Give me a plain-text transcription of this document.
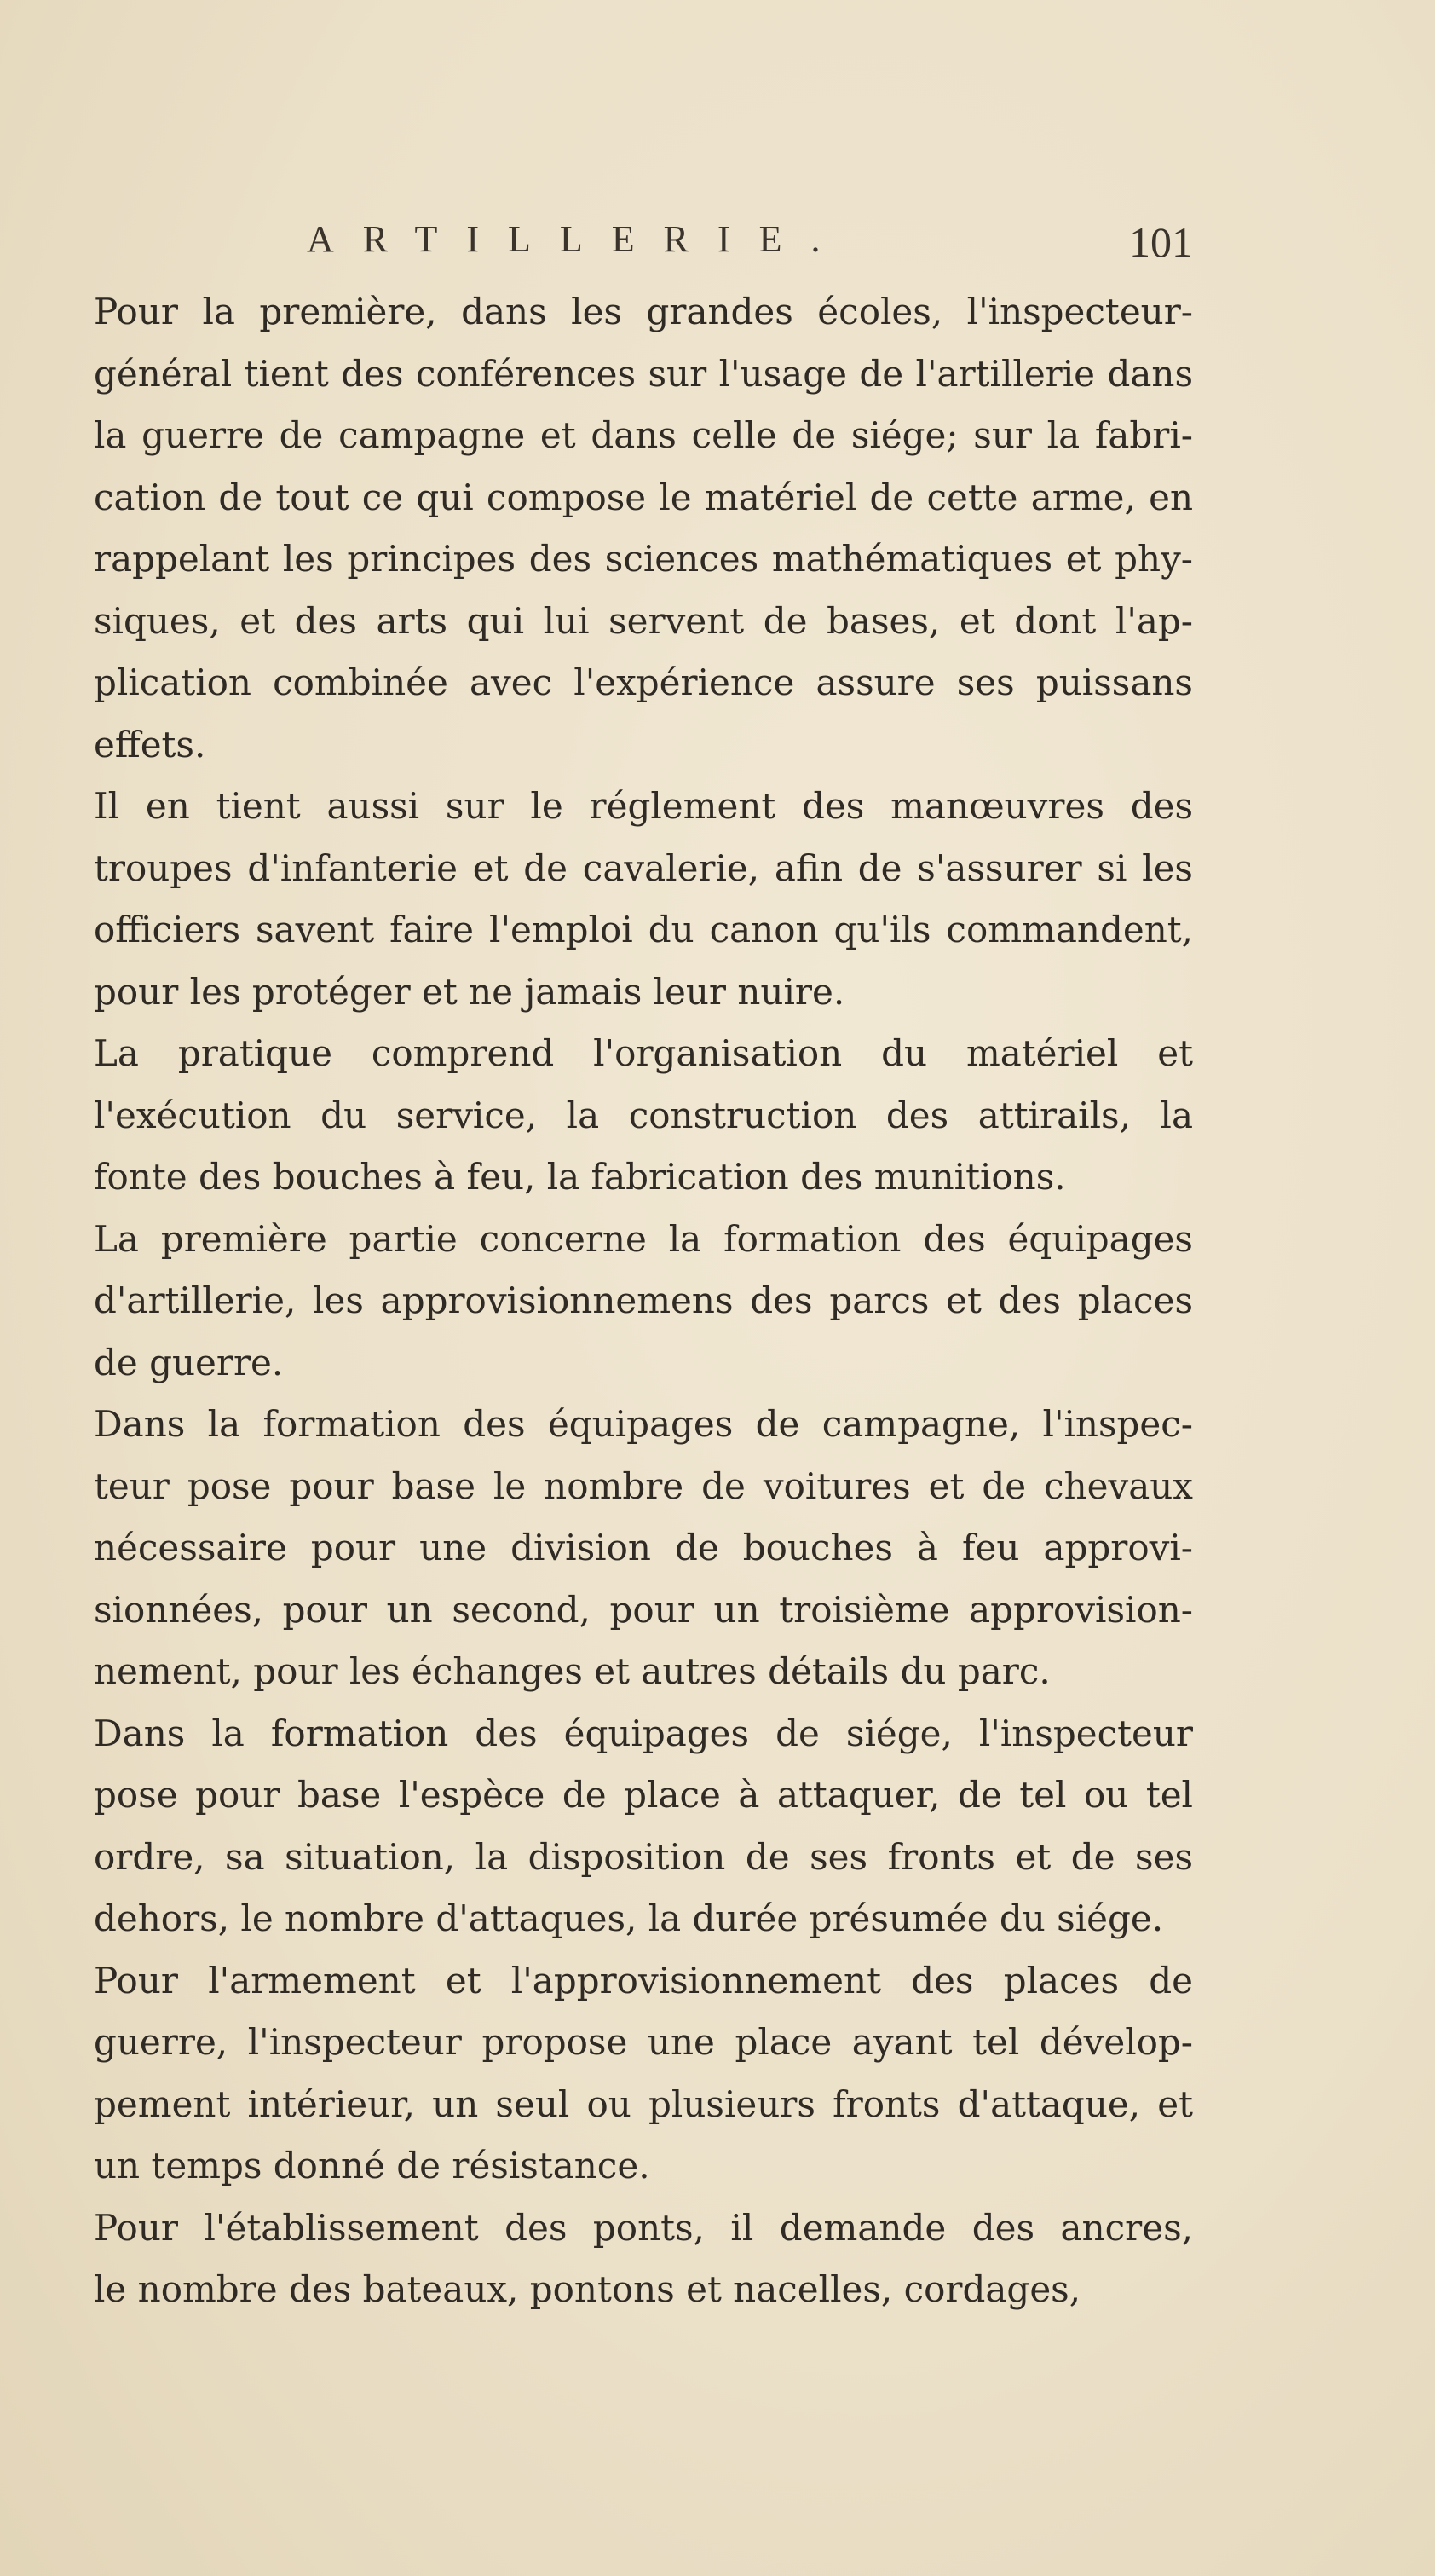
ARTILLERIE.	101

Pour la première, dans les grandes écoles, l'inspecteur-
général tient des conférences sur l'usage de l'artillerie dans
la guerre de campagne et dans celle de siége; sur la fabri-
cation de tout ce qui compose le matériel de cette arme, en
rappelant les principes des sciences mathématiques et phy-
siques, et des arts qui lui servent de bases, et dont l'ap-
plication combinée avec l'expérience assure ses puissans
effets.

Il en tient aussi sur le réglement des manœuvres des
troupes d'infanterie et de cavalerie, afin de s'assurer si les
officiers savent faire l'emploi du canon qu'ils commandent,
pour les protéger et ne jamais leur nuire.

La pratique comprend l'organisation du matériel et
l'exécution du service, la construction des attirails, la
fonte des bouches à feu, la fabrication des munitions.

La première partie concerne la formation des équipages
d'artillerie, les approvisionnemens des parcs et des places
de guerre.

Dans la formation des équipages de campagne, l'inspec-
teur pose pour base le nombre de voitures et de chevaux
nécessaire pour une division de bouches à feu approvi-
sionnées, pour un second, pour un troisième approvision-
nement, pour les échanges et autres détails du parc.

Dans la formation des équipages de siége, l'inspecteur
pose pour base l'espèce de place à attaquer, de tel ou tel
ordre, sa situation, la disposition de ses fronts et de ses
dehors, le nombre d'attaques, la durée présumée du siége.

Pour l'armement et l'approvisionnement des places de
guerre, l'inspecteur propose une place ayant tel dévelop-
pement intérieur, un seul ou plusieurs fronts d'attaque, et
un temps donné de résistance.

Pour l'établissement des ponts, il demande des ancres,
le nombre des bateaux, pontons et nacelles, cordages,
